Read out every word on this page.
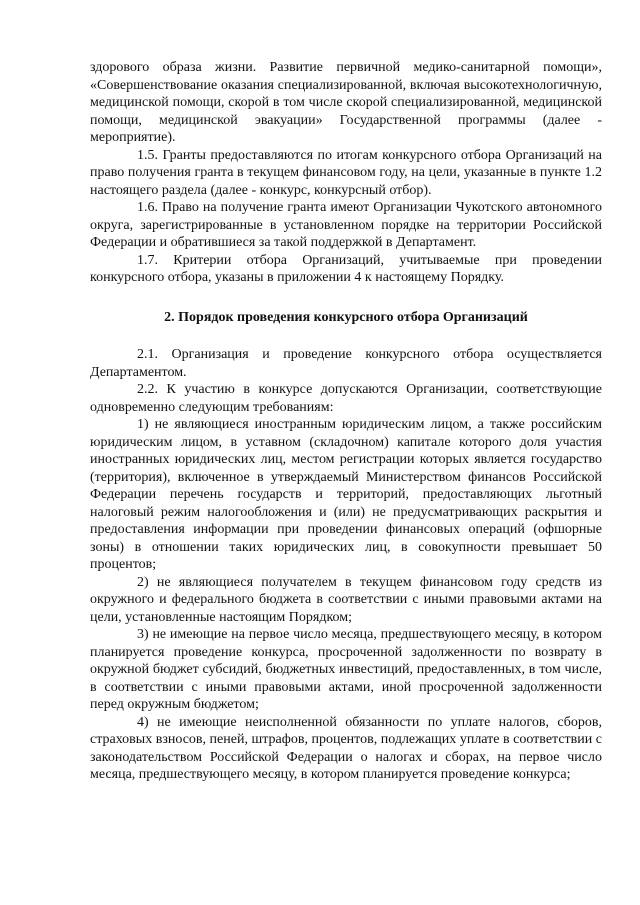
здорового образа жизни. Развитие первичной медико-санитарной помощи», «Совершенствование оказания специализированной, включая высокотехнологичную, медицинской помощи, скорой в том числе скорой специализированной, медицинской помощи, медицинской эвакуации» Государственной программы (далее - мероприятие).

1.5. Гранты предоставляются по итогам конкурсного отбора Организаций на право получения гранта в текущем финансовом году, на цели, указанные в пункте 1.2 настоящего раздела (далее - конкурс, конкурсный отбор).

1.6. Право на получение гранта имеют Организации Чукотского автономного округа, зарегистрированные в установленном порядке на территории Российской Федерации и обратившиеся за такой поддержкой в Департамент.

1.7. Критерии отбора Организаций, учитываемые при проведении конкурсного отбора, указаны в приложении 4 к настоящему Порядку.

2. Порядок проведения конкурсного отбора Организаций

2.1. Организация и проведение конкурсного отбора осуществляется Департаментом.

2.2. К участию в конкурсе допускаются Организации, соответствующие одновременно следующим требованиям:

1) не являющиеся иностранным юридическим лицом, а также российским юридическим лицом, в уставном (складочном) капитале которого доля участия иностранных юридических лиц, местом регистрации которых является государство (территория), включенное в утверждаемый Министерством финансов Российской Федерации перечень государств и территорий, предоставляющих льготный налоговый режим налогообложения и (или) не предусматривающих раскрытия и предоставления информации при проведении финансовых операций (офшорные зоны) в отношении таких юридических лиц, в совокупности превышает 50 процентов;

2) не являющиеся получателем в текущем финансовом году средств из окружного и федерального бюджета в соответствии с иными правовыми актами на цели, установленные настоящим Порядком;

3) не имеющие на первое число месяца, предшествующего месяцу, в котором планируется проведение конкурса, просроченной задолженности по возврату в окружной бюджет субсидий, бюджетных инвестиций, предоставленных, в том числе, в соответствии с иными правовыми актами, иной просроченной задолженности перед окружным бюджетом;

4) не имеющие неисполненной обязанности по уплате налогов, сборов, страховых взносов, пеней, штрафов, процентов, подлежащих уплате в соответствии с законодательством Российской Федерации о налогах и сборах, на первое число месяца, предшествующего месяцу, в котором планируется проведение конкурса;
